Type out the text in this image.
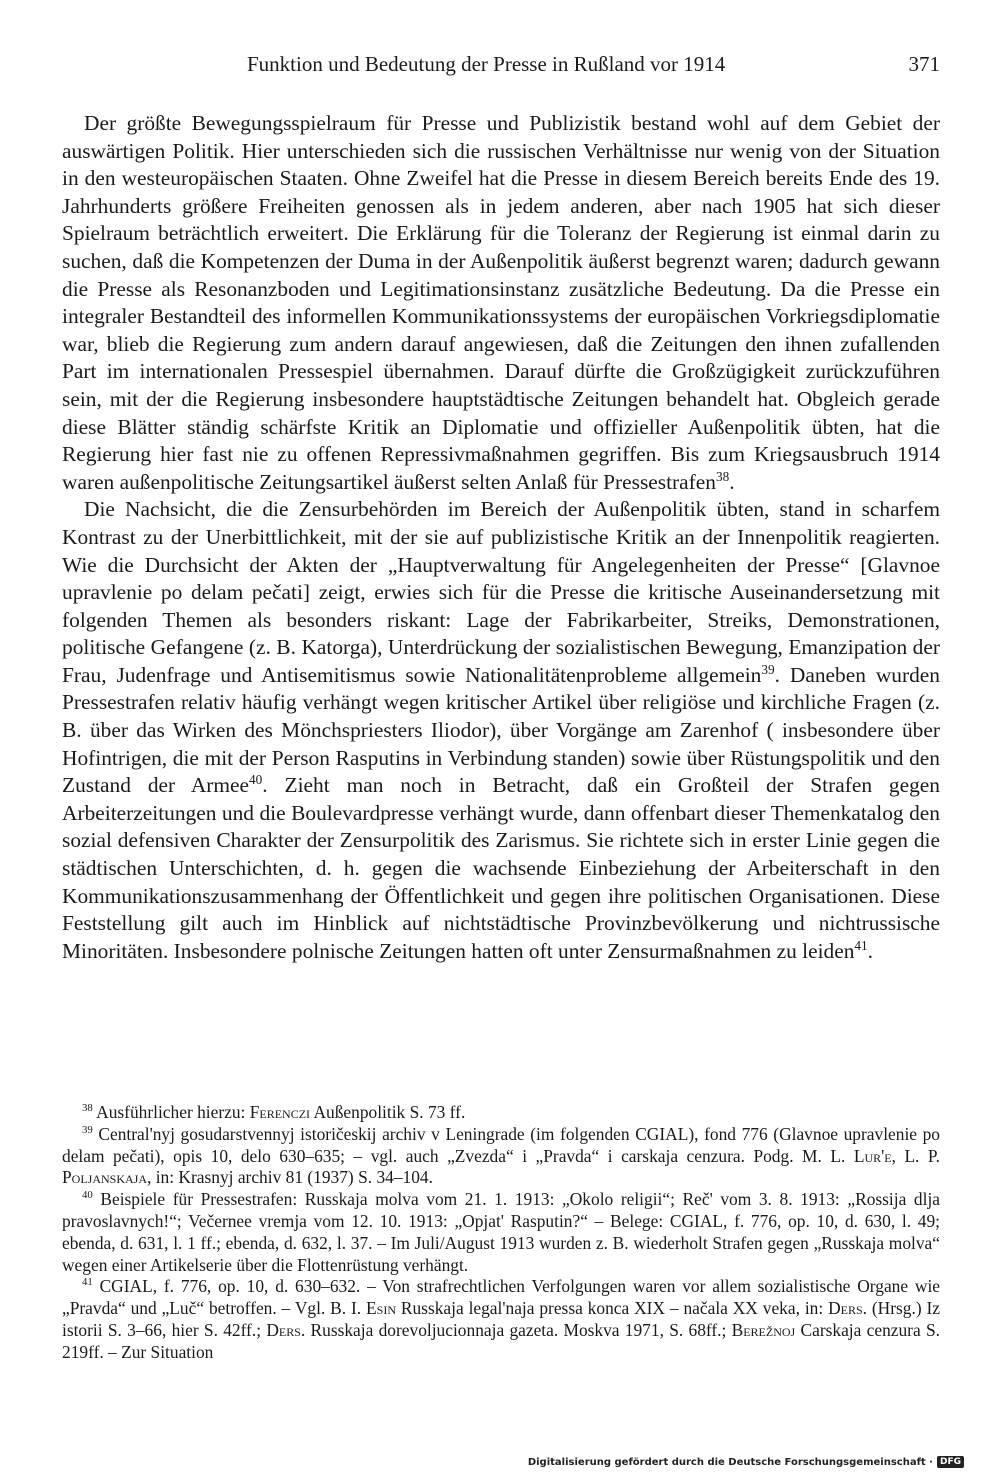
Funktion und Bedeutung der Presse in Rußland vor 1914	371

Der größte Bewegungsspielraum für Presse und Publizistik bestand wohl auf dem Gebiet der auswärtigen Politik. Hier unterschieden sich die russischen Verhältnisse nur wenig von der Situation in den westeuropäischen Staaten. Ohne Zweifel hat die Presse in diesem Bereich bereits Ende des 19. Jahrhunderts größere Freiheiten genossen als in jedem anderen, aber nach 1905 hat sich dieser Spielraum beträchtlich erweitert. Die Erklärung für die Toleranz der Regierung ist einmal darin zu suchen, daß die Kompetenzen der Duma in der Außenpolitik äußerst begrenzt waren; dadurch gewann die Presse als Resonanzboden und Legitimationsinstanz zusätzliche Bedeutung. Da die Presse ein integraler Bestandteil des informellen Kommunikationssystems der europäischen Vorkriegsdiplomatie war, blieb die Regierung zum andern darauf angewiesen, daß die Zeitungen den ihnen zufallenden Part im internationalen Pressespiel übernahmen. Darauf dürfte die Großzügigkeit zurückzuführen sein, mit der die Regierung insbesondere hauptstädtische Zeitungen behandelt hat. Obgleich gerade diese Blätter ständig schärfste Kritik an Diplomatie und offizieller Außenpolitik übten, hat die Regierung hier fast nie zu offenen Repressivmaßnahmen gegriffen. Bis zum Kriegsausbruch 1914 waren außenpolitische Zeitungsartikel äußerst selten Anlaß für Pressestrafen$^{38}$.

Die Nachsicht, die die Zensurbehörden im Bereich der Außenpolitik übten, stand in scharfem Kontrast zu der Unerbittlichkeit, mit der sie auf publizistische Kritik an der Innenpolitik reagierten. Wie die Durchsicht der Akten der „Hauptverwaltung für Angelegenheiten der Presse“ [Glavnoe upravlenie po delam pečati] zeigt, erwies sich für die Presse die kritische Auseinandersetzung mit folgenden Themen als besonders riskant: Lage der Fabrikarbeiter, Streiks, Demonstrationen, politische Gefangene (z. B. Katorga), Unterdrückung der sozialistischen Bewegung, Emanzipation der Frau, Judenfrage und Antisemitismus sowie Nationalitätenprobleme allgemein$^{39}$. Daneben wurden Pressestrafen relativ häufig verhängt wegen kritischer Artikel über religiöse und kirchliche Fragen (z. B. über das Wirken des Mönchspriesters Iliodor), über Vorgänge am Zarenhof ( insbesondere über Hofintrigen, die mit der Person Rasputins in Verbindung standen) sowie über Rüstungspolitik und den Zustand der Armee$^{40}$. Zieht man noch in Betracht, daß ein Großteil der Strafen gegen Arbeiterzeitungen und die Boulevardpresse verhängt wurde, dann offenbart dieser Themenkatalog den sozial defensiven Charakter der Zensurpolitik des Zarismus. Sie richtete sich in erster Linie gegen die städtischen Unterschichten, d. h. gegen die wachsende Einbeziehung der Arbeiterschaft in den Kommunikationszusammenhang der Öffentlichkeit und gegen ihre politischen Organisationen. Diese Feststellung gilt auch im Hinblick auf nichtstädtische Provinzbevölkerung und nichtrussische Minoritäten. Insbesondere polnische Zeitungen hatten oft unter Zensurmaßnahmen zu leiden$^{41}$.

$^{38}$ Ausführlicher hierzu: Ferenczi Außenpolitik S. 73 ff.

$^{39}$ Central'nyj gosudarstvennyj istoričeskij archiv v Leningrade (im folgenden CGIAL), fond 776 (Glavnoe upravlenie po delam pečati), opis 10, delo 630–635; – vgl. auch „Zvezda“ i „Pravda“ i carskaja cenzura. Podg. M. L. Lur'e, L. P. Poljanskaja, in: Krasnyj archiv 81 (1937) S. 34–104.

$^{40}$ Beispiele für Pressestrafen: Russkaja molva vom 21. 1. 1913: „Okolo religii“; Reč' vom 3. 8. 1913: „Rossija dlja pravoslavnych!“; Večernee vremja vom 12. 10. 1913: „Opjat' Rasputin?“ – Belege: CGIAL, f. 776, op. 10, d. 630, l. 49; ebenda, d. 631, l. 1 ff.; ebenda, d. 632, l. 37. – Im Juli/August 1913 wurden z. B. wiederholt Strafen gegen „Russkaja molva“ wegen einer Artikelserie über die Flottenrüstung verhängt.

$^{41}$ CGIAL, f. 776, op. 10, d. 630–632. – Von strafrechtlichen Verfolgungen waren vor allem sozialistische Organe wie „Pravda“ und „Luč“ betroffen. – Vgl. B. I. Esin Russkaja legal'naja pressa konca XIX – načala XX veka, in: Ders. (Hrsg.) Iz istorii S. 3–66, hier S. 42ff.; Ders. Russkaja dorevoljucionnaja gazeta. Moskva 1971, S. 68ff.; Berežnoj Carskaja cenzura S. 219ff. – Zur Situation

Digitalisierung gefördert durch die Deutsche Forschungsgemeinschaft · DFG
